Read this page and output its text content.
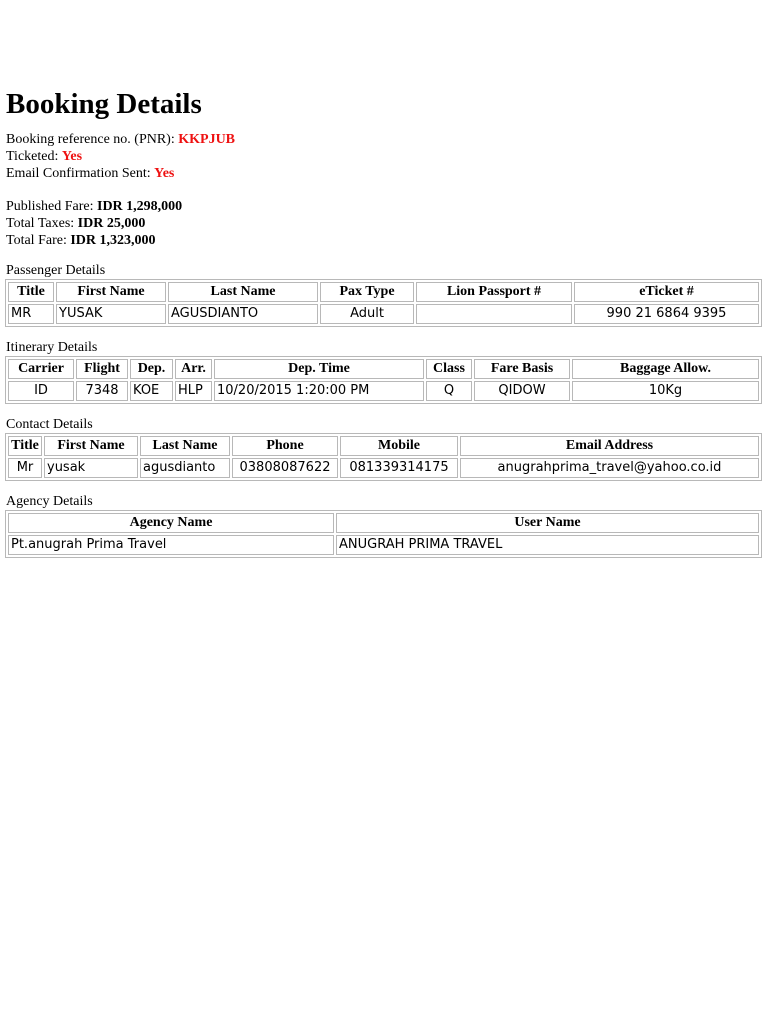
Booking Details
Booking reference no. (PNR): KKPJUB
Ticketed: Yes
Email Confirmation Sent: Yes
Published Fare: IDR 1,298,000
Total Taxes: IDR 25,000
Total Fare: IDR 1,323,000
Passenger Details
Title	First Name	Last Name	Pax Type	Lion Passport #	eTicket #
MR	YUSAK	AGUSDIANTO	Adult		990 21 6864 9395
Itinerary Details
Carrier	Flight	Dep.	Arr.	Dep. Time	Class	Fare Basis	Baggage Allow.
ID	7348	KOE	HLP	10/20/2015 1:20:00 PM	Q	QIDOW	10Kg
Contact Details
Title	First Name	Last Name	Phone	Mobile	Email Address
Mr	yusak	agusdianto	03808087622	081339314175	anugrahprima_travel@yahoo.co.id
Agency Details
Agency Name	User Name
Pt.anugrah Prima Travel	ANUGRAH PRIMA TRAVEL
